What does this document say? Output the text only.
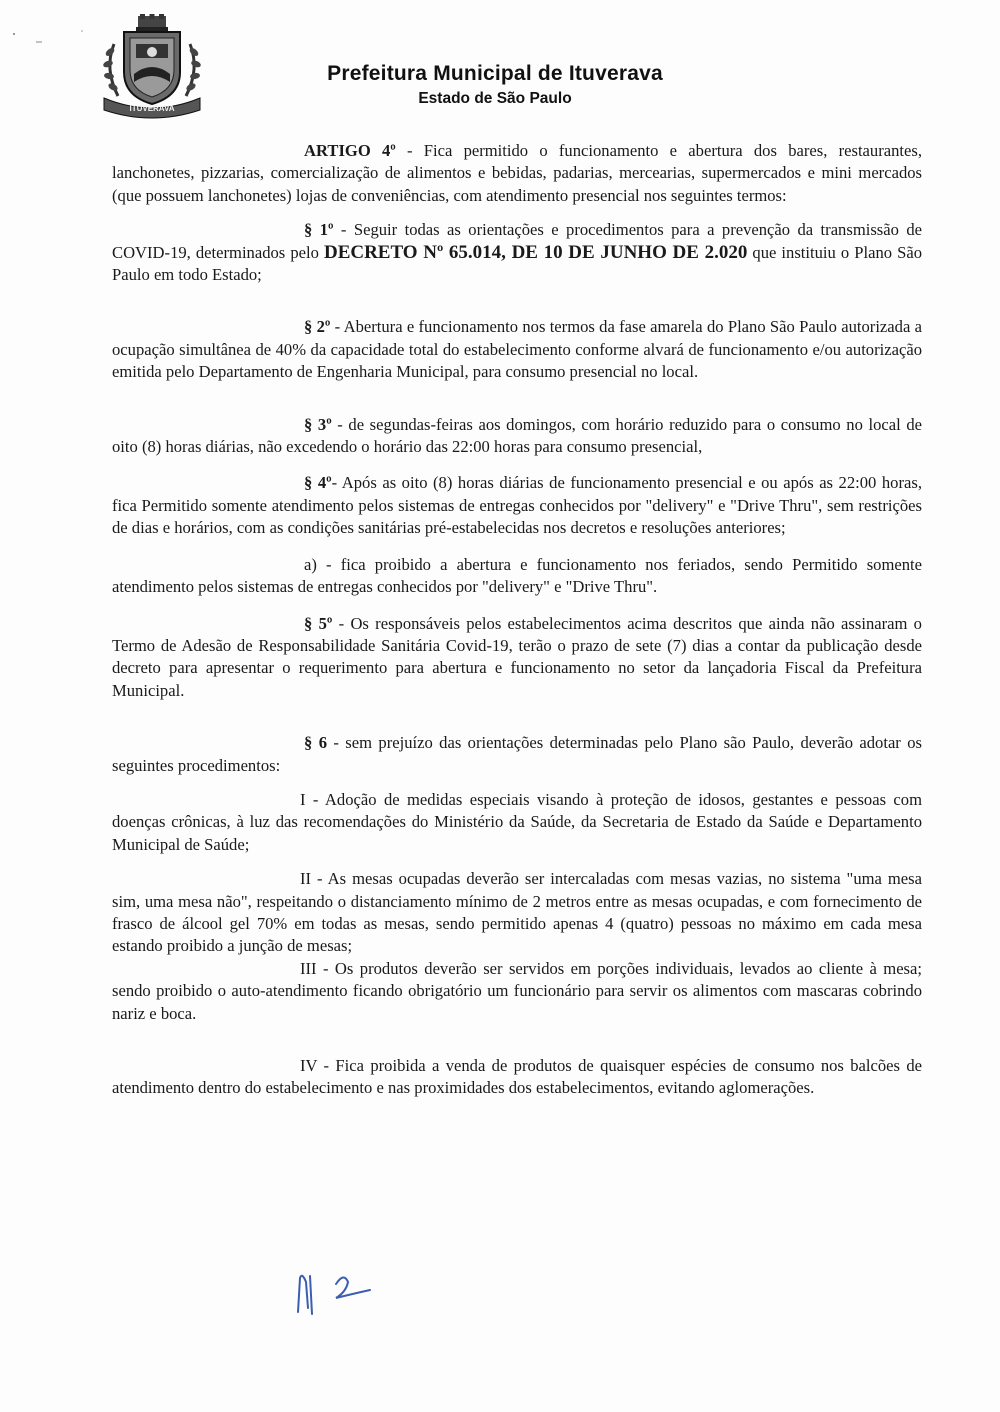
ITUVERAVA
Prefeitura Municipal de Ituverava
Estado de São Paulo

ARTIGO 4º - Fica permitido o funcionamento e abertura dos bares, restaurantes, lanchonetes, pizzarias, comercialização de alimentos e bebidas, padarias, mercearias, supermercados e mini mercados (que possuem lanchonetes) lojas de conveniências, com atendimento presencial nos seguintes termos:

§ 1º - Seguir todas as orientações e procedimentos para a prevenção da transmissão de COVID-19, determinados pelo DECRETO Nº 65.014, DE 10 DE JUNHO DE 2.020 que instituiu o Plano São Paulo em todo Estado;

§ 2º - Abertura e funcionamento nos termos da fase amarela do Plano São Paulo autorizada a ocupação simultânea de 40% da capacidade total do estabelecimento conforme alvará de funcionamento e/ou autorização emitida pelo Departamento de Engenharia Municipal, para consumo presencial no local.

§ 3º - de segundas-feiras aos domingos, com horário reduzido para o consumo no local de oito (8) horas diárias, não excedendo o horário das 22:00 horas para consumo presencial,

§ 4º- Após as oito (8) horas diárias de funcionamento presencial e ou após as 22:00 horas, fica Permitido somente atendimento pelos sistemas de entregas conhecidos por "delivery" e "Drive Thru", sem restrições de dias e horários, com as condições sanitárias pré-estabelecidas nos decretos e resoluções anteriores;

a) - fica proibido a abertura e funcionamento nos feriados, sendo Permitido somente atendimento pelos sistemas de entregas conhecidos por "delivery" e "Drive Thru".

§ 5º - Os responsáveis pelos estabelecimentos acima descritos que ainda não assinaram o Termo de Adesão de Responsabilidade Sanitária Covid-19, terão o prazo de sete (7) dias a contar da publicação desde decreto para apresentar o requerimento para abertura e funcionamento no setor da lançadoria Fiscal da Prefeitura Municipal.

§ 6 - sem prejuízo das orientações determinadas pelo Plano são Paulo, deverão adotar os seguintes procedimentos:

I - Adoção de medidas especiais visando à proteção de idosos, gestantes e pessoas com doenças crônicas, à luz das recomendações do Ministério da Saúde, da Secretaria de Estado da Saúde e Departamento Municipal de Saúde;

II - As mesas ocupadas deverão ser intercaladas com mesas vazias, no sistema "uma mesa sim, uma mesa não", respeitando o distanciamento mínimo de 2 metros entre as mesas ocupadas, e com fornecimento de frasco de álcool gel 70% em todas as mesas, sendo permitido apenas 4 (quatro) pessoas no máximo em cada mesa estando proibido a junção de mesas;

III - Os produtos deverão ser servidos em porções individuais, levados ao cliente à mesa; sendo proibido o auto-atendimento ficando obrigatório um funcionário para servir os alimentos com mascaras cobrindo nariz e boca.

IV - Fica proibida a venda de produtos de quaisquer espécies de consumo nos balcões de atendimento dentro do estabelecimento e nas proximidades dos estabelecimentos, evitando aglomerações.
